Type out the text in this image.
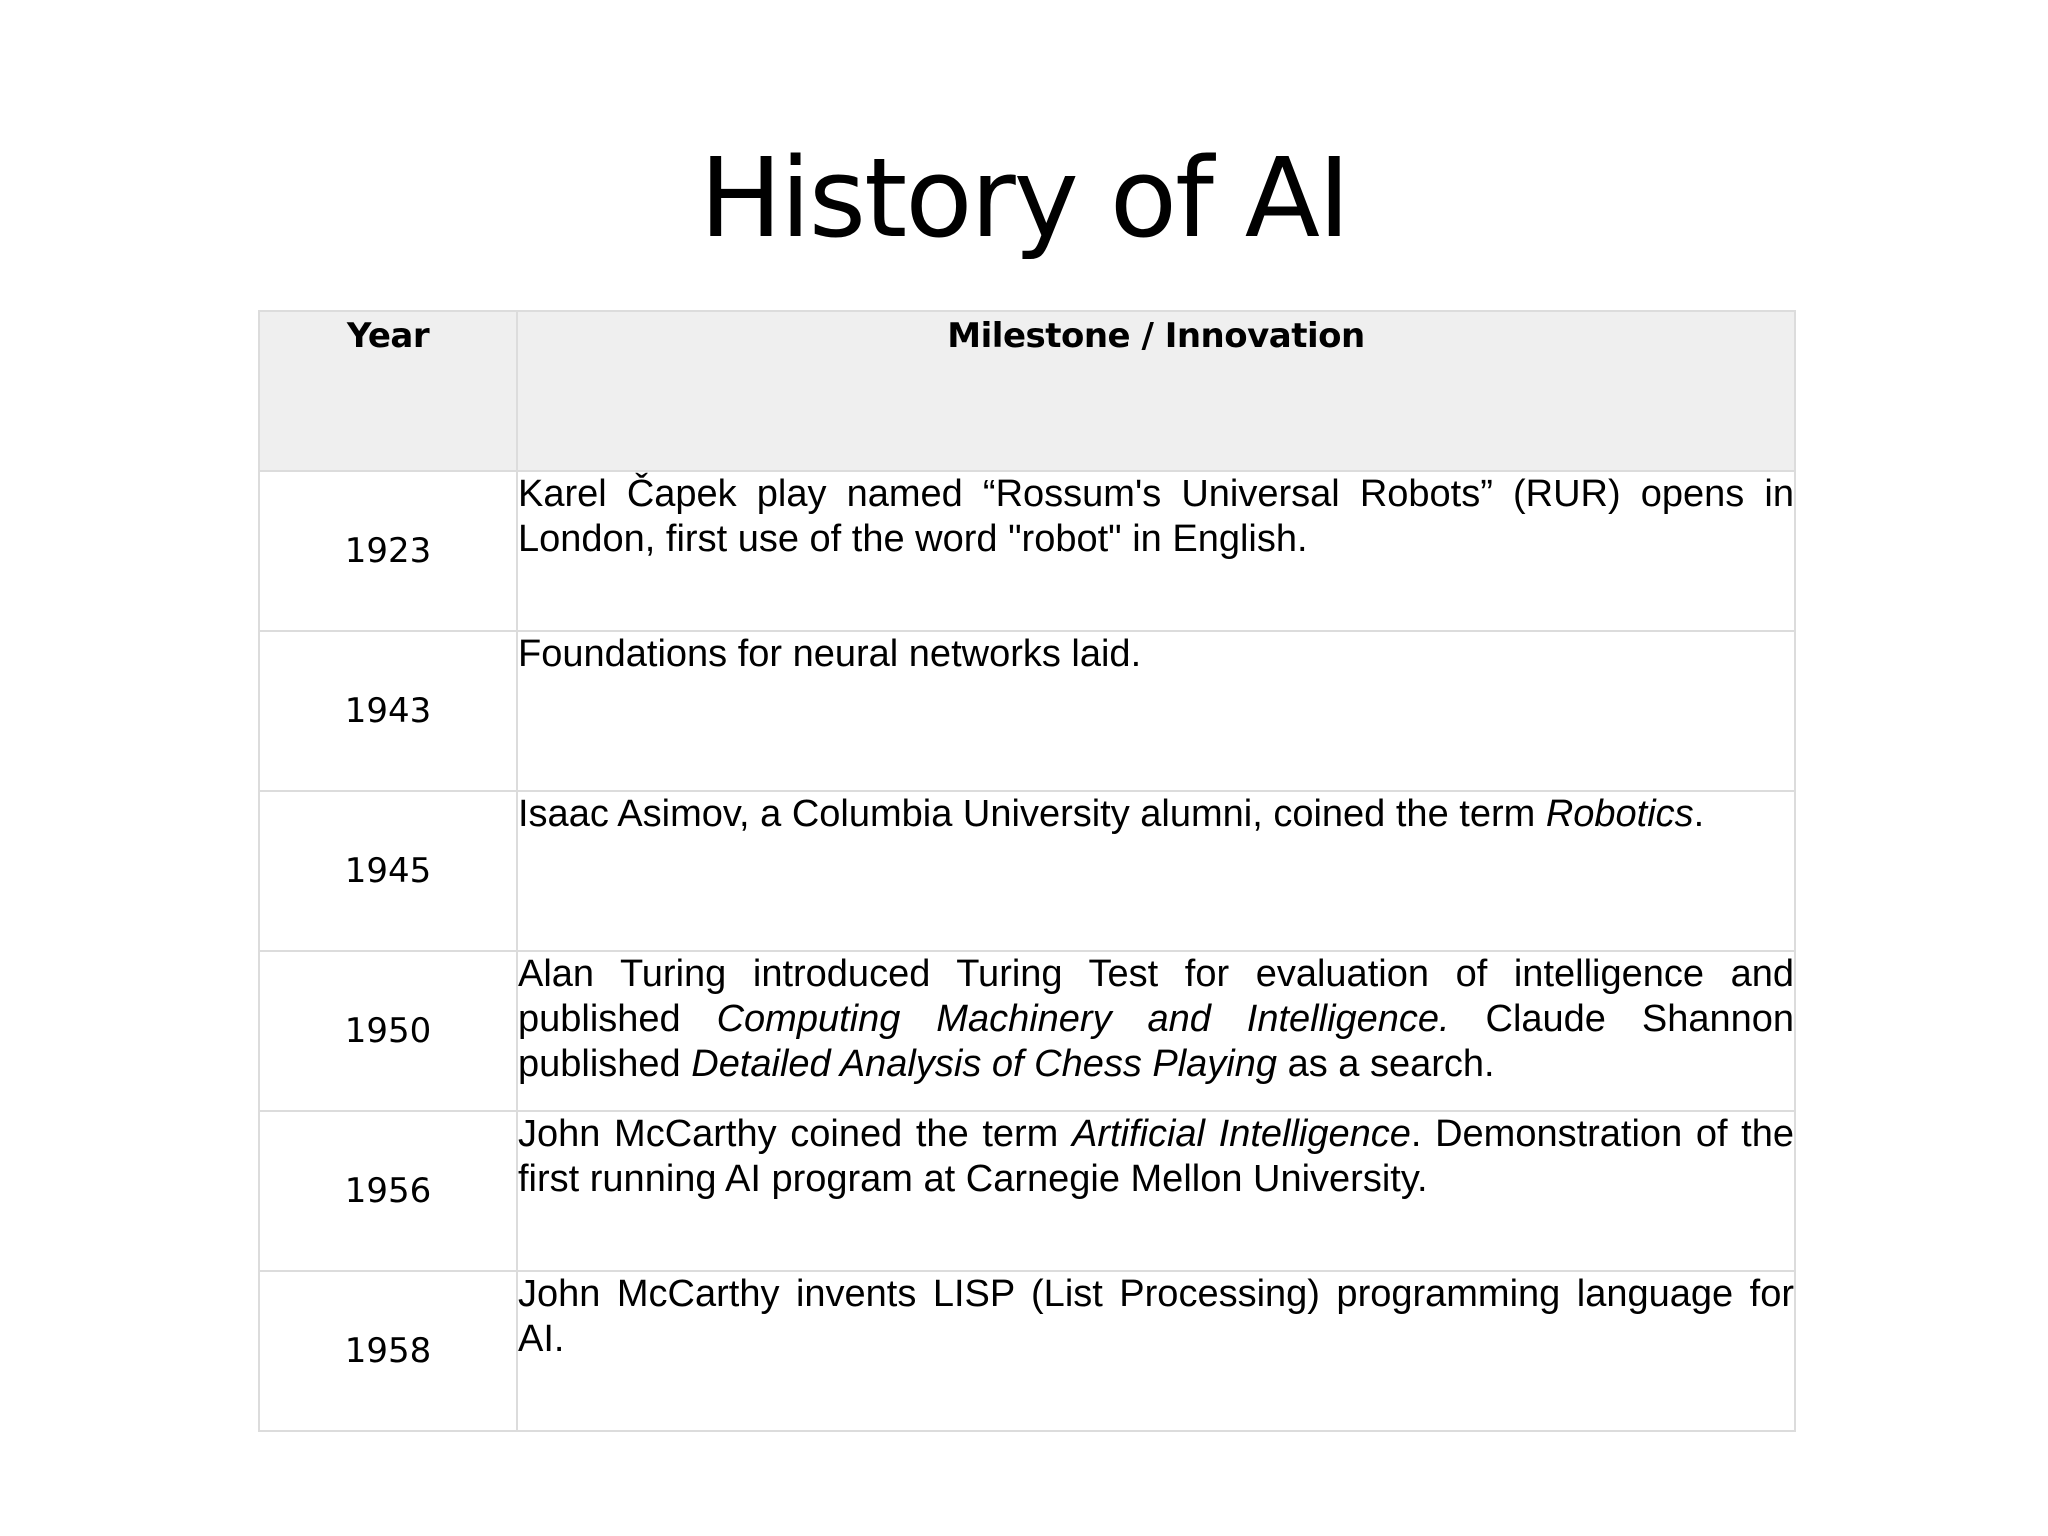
History of AI
Year	Milestone / Innovation
1923	Karel Čapek play named “Rossum's Universal Robots” (RUR) opens in London, first use of the word "robot" in English.
1943	Foundations for neural networks laid.
1945	Isaac Asimov, a Columbia University alumni, coined the term Robotics.
1950	Alan Turing introduced Turing Test for evaluation of intelligence and published Computing Machinery and Intelligence. Claude Shannon published Detailed Analysis of Chess Playing as a search.
1956	John McCarthy coined the term Artificial Intelligence. Demonstration of the first running AI program at Carnegie Mellon University.
1958	John McCarthy invents LISP (List Processing) programming language for AI.
